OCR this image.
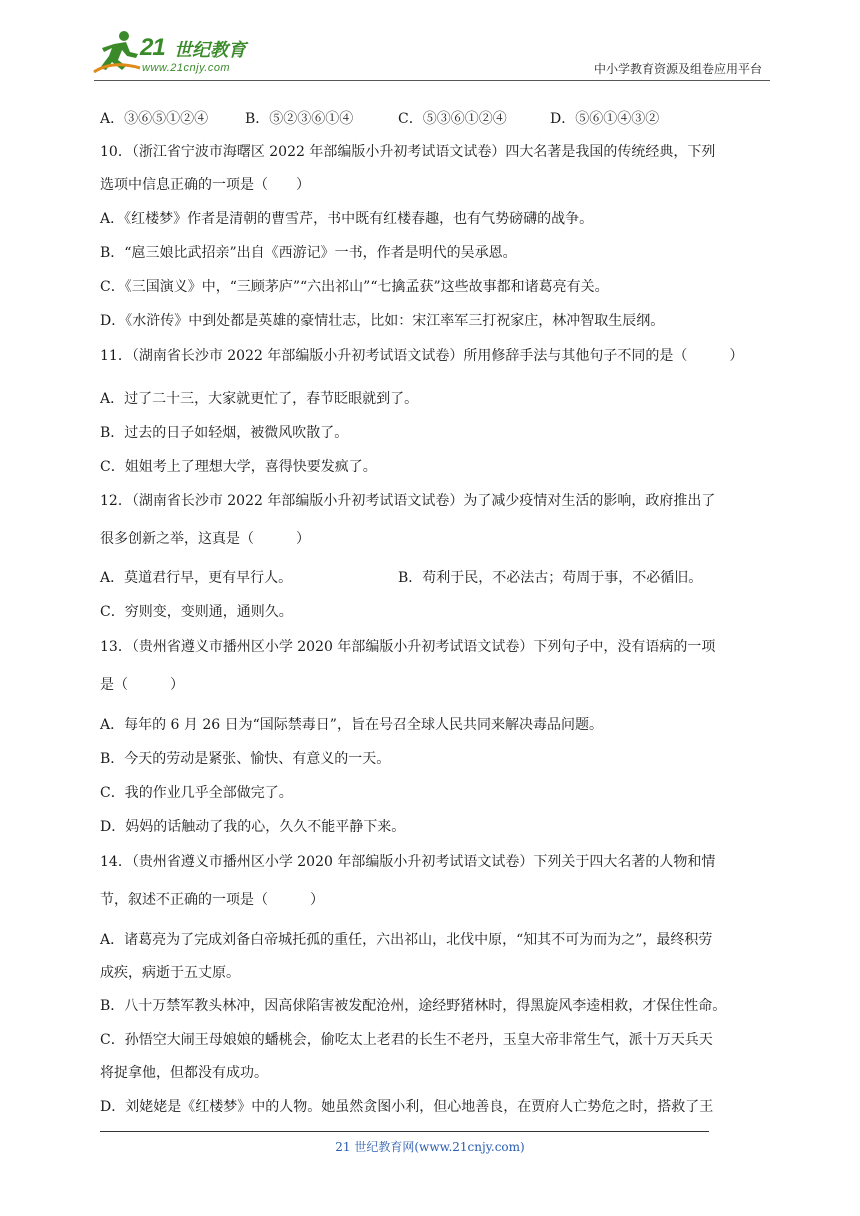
21 世纪教育
www.21cnjy.com	中小学教育资源及组卷应用平台
A．③⑥⑤①②④	B．⑤②③⑥①④	C．⑤③⑥①②④	D．⑤⑥①④③②
10．（浙江省宁波市海曙区 2022 年部编版小升初考试语文试卷）四大名著是我国的传统经典，下列
选项中信息正确的一项是（　　）
A．《红楼梦》作者是清朝的曹雪芹，书中既有红楼春趣，也有气势磅礴的战争。
B．“扈三娘比武招亲”出自《西游记》一书，作者是明代的吴承恩。
C．《三国演义》中，“三顾茅庐”“六出祁山”“七擒孟获”这些故事都和诸葛亮有关。
D．《水浒传》中到处都是英雄的豪情壮志，比如：宋江率军三打祝家庄，林冲智取生辰纲。
11．（湖南省长沙市 2022 年部编版小升初考试语文试卷）所用修辞手法与其他句子不同的是（　　　）
A．过了二十三，大家就更忙了，春节眨眼就到了。
B．过去的日子如轻烟，被微风吹散了。
C．姐姐考上了理想大学，喜得快要发疯了。
12．（湖南省长沙市 2022 年部编版小升初考试语文试卷）为了减少疫情对生活的影响，政府推出了
很多创新之举，这真是（　　　）
A．莫道君行早，更有早行人。	B．苟利于民，不必法古；苟周于事，不必循旧。
C．穷则变，变则通，通则久。
13．（贵州省遵义市播州区小学 2020 年部编版小升初考试语文试卷）下列句子中，没有语病的一项
是（　　　）
A．每年的 6 月 26 日为“国际禁毒日”，旨在号召全球人民共同来解决毒品问题。
B．今天的劳动是紧张、愉快、有意义的一天。
C．我的作业几乎全部做完了。
D．妈妈的话触动了我的心，久久不能平静下来。
14．（贵州省遵义市播州区小学 2020 年部编版小升初考试语文试卷）下列关于四大名著的人物和情
节，叙述不正确的一项是（　　　）
A．诸葛亮为了完成刘备白帝城托孤的重任，六出祁山，北伐中原，“知其不可为而为之”，最终积劳
成疾，病逝于五丈原。
B．八十万禁军教头林冲，因高俅陷害被发配沧州，途经野猪林时，得黑旋风李逵相救，才保住性命。
C．孙悟空大闹王母娘娘的蟠桃会，偷吃太上老君的长生不老丹，玉皇大帝非常生气，派十万天兵天
将捉拿他，但都没有成功。
D．刘姥姥是《红楼梦》中的人物。她虽然贪图小利，但心地善良，在贾府人亡势危之时，搭救了王
21 世纪教育网(www.21cnjy.com)
